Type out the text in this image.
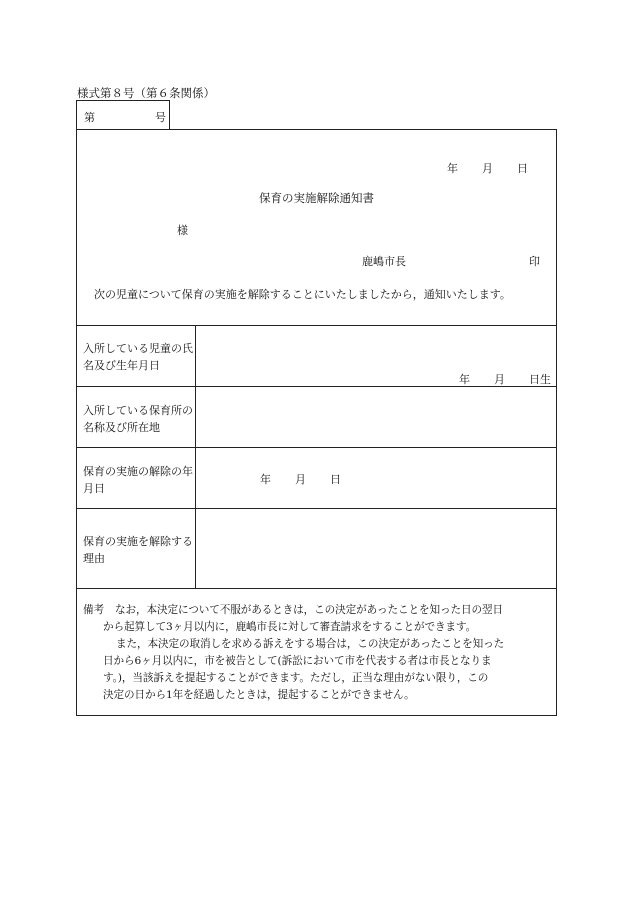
様式第８号（第６条関係）
第	号
年 月 日
保育の実施解除通知書
様
鹿嶋市長	印
次の児童について保育の実施を解除することにいたしましたから，通知いたします。
入所している児童の氏名及び生年月日
年 月 日生
入所している保育所の名称及び所在地
保育の実施の解除の年月日
年 月 日
保育の実施を解除する理由
備考 なお，本決定について不服があるときは，この決定があったことを知った日の翌日
から起算して3ヶ月以内に，鹿嶋市長に対して審査請求をすることができます。
また，本決定の取消しを求める訴えをする場合は，この決定があったことを知った
日から6ヶ月以内に，市を被告として(訴訟において市を代表する者は市長となりま
す。)，当該訴えを提起することができます。ただし，正当な理由がない限り，この
決定の日から1年を経過したときは，提起することができません。
